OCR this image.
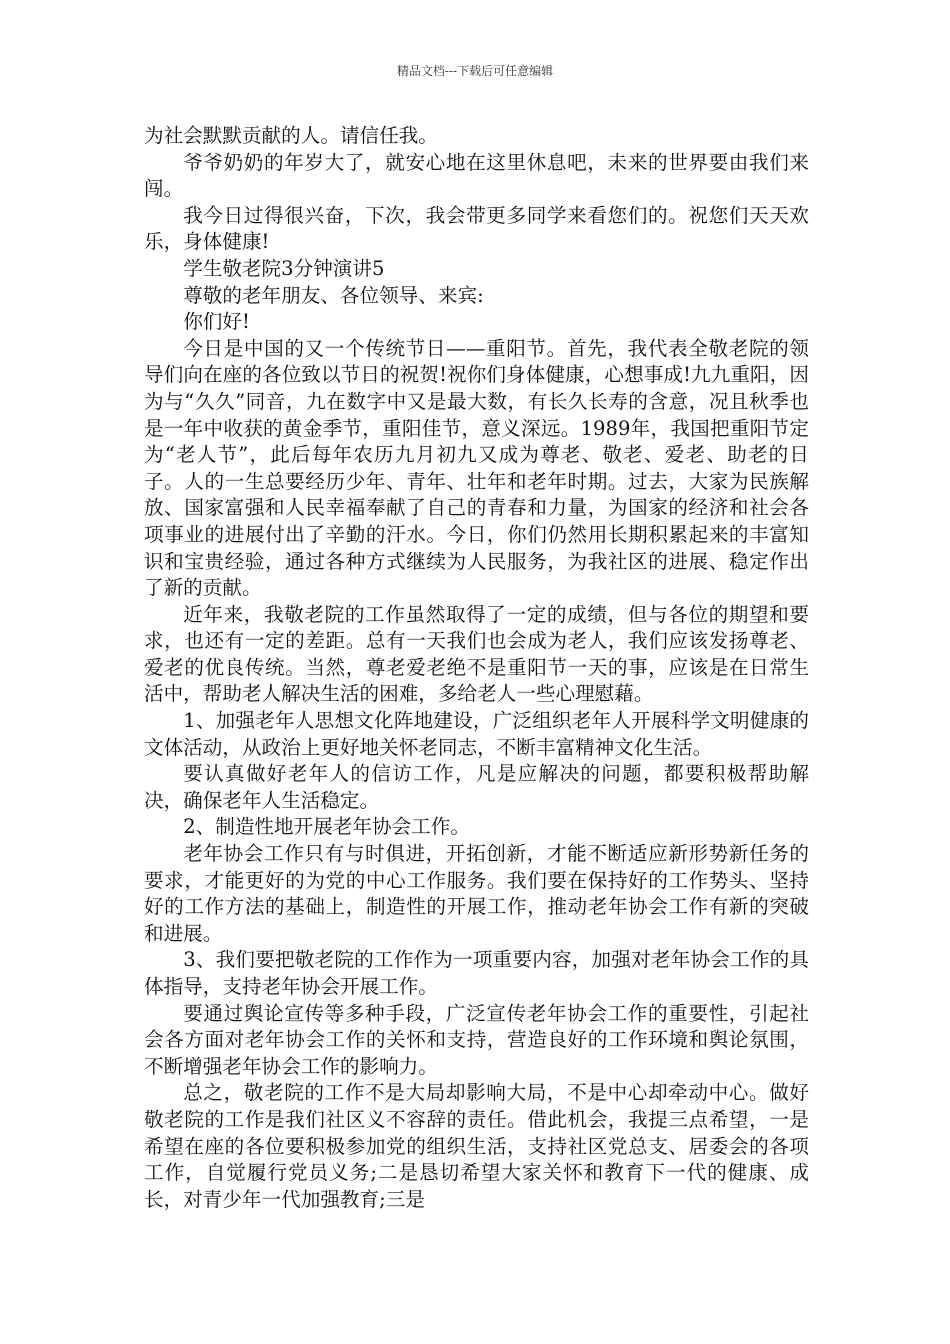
精品文档---下载后可任意编辑

为社会默默贡献的人。请信任我。

爷爷奶奶的年岁大了，就安心地在这里休息吧，未来的世界要由我们来闯。

我今日过得很兴奋，下次，我会带更多同学来看您们的。祝您们天天欢乐，身体健康!

学生敬老院3分钟演讲5

尊敬的老年朋友、各位领导、来宾:

你们好!

今日是中国的又一个传统节日——重阳节。首先，我代表全敬老院的领导们向在座的各位致以节日的祝贺!祝你们身体健康，心想事成!九九重阳，因为与“久久”同音，九在数字中又是最大数，有长久长寿的含意，况且秋季也是一年中收获的黄金季节，重阳佳节，意义深远。1989年，我国把重阳节定为“老人节”，此后每年农历九月初九又成为尊老、敬老、爱老、助老的日子。人的一生总要经历少年、青年、壮年和老年时期。过去，大家为民族解放、国家富强和人民幸福奉献了自己的青春和力量，为国家的经济和社会各项事业的进展付出了辛勤的汗水。今日，你们仍然用长期积累起来的丰富知识和宝贵经验，通过各种方式继续为人民服务，为我社区的进展、稳定作出了新的贡献。

近年来，我敬老院的工作虽然取得了一定的成绩，但与各位的期望和要求，也还有一定的差距。总有一天我们也会成为老人，我们应该发扬尊老、爱老的优良传统。当然，尊老爱老绝不是重阳节一天的事，应该是在日常生活中，帮助老人解决生活的困难，多给老人一些心理慰藉。

1、加强老年人思想文化阵地建设，广泛组织老年人开展科学文明健康的文体活动，从政治上更好地关怀老同志，不断丰富精神文化生活。

要认真做好老年人的信访工作，凡是应解决的问题，都要积极帮助解决，确保老年人生活稳定。

2、制造性地开展老年协会工作。

老年协会工作只有与时俱进，开拓创新，才能不断适应新形势新任务的要求，才能更好的为党的中心工作服务。我们要在保持好的工作势头、坚持好的工作方法的基础上，制造性的开展工作，推动老年协会工作有新的突破和进展。

3、我们要把敬老院的工作作为一项重要内容，加强对老年协会工作的具体指导，支持老年协会开展工作。

要通过舆论宣传等多种手段，广泛宣传老年协会工作的重要性，引起社会各方面对老年协会工作的关怀和支持，营造良好的工作环境和舆论氛围，不断增强老年协会工作的影响力。

总之，敬老院的工作不是大局却影响大局，不是中心却牵动中心。做好敬老院的工作是我们社区义不容辞的责任。借此机会，我提三点希望，一是希望在座的各位要积极参加党的组织生活，支持社区党总支、居委会的各项工作，自觉履行党员义务;二是恳切希望大家关怀和教育下一代的健康、成长，对青少年一代加强教育;三是
